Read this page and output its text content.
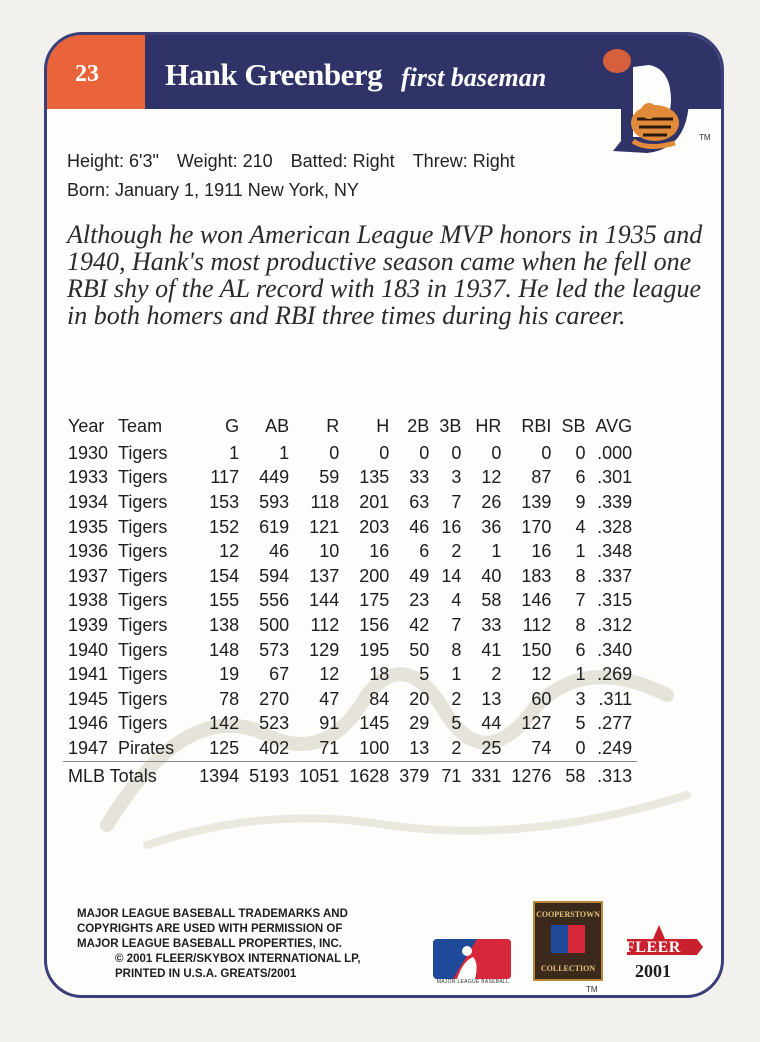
23 Hank Greenberg first baseman
TM
Height: 6'3" Weight: 210 Batted: Right Threw: Right
Born: January 1, 1911 New York, NY
Although he won American League MVP honors in 1935 and 1940, Hank's most productive season came when he fell one RBI shy of the AL record with 183 in 1937. He led the league in both homers and RBI three times during his career.
Year	Team	G	AB	R	H	2B	3B	HR	RBI	SB	AVG
1930	Tigers	1	1	0	0	0	0	0	0	0	.000
1933	Tigers	117	449	59	135	33	3	12	87	6	.301
1934	Tigers	153	593	118	201	63	7	26	139	9	.339
1935	Tigers	152	619	121	203	46	16	36	170	4	.328
1936	Tigers	12	46	10	16	6	2	1	16	1	.348
1937	Tigers	154	594	137	200	49	14	40	183	8	.337
1938	Tigers	155	556	144	175	23	4	58	146	7	.315
1939	Tigers	138	500	112	156	42	7	33	112	8	.312
1940	Tigers	148	573	129	195	50	8	41	150	6	.340
1941	Tigers	19	67	12	18	5	1	2	12	1	.269
1945	Tigers	78	270	47	84	20	2	13	60	3	.311
1946	Tigers	142	523	91	145	29	5	44	127	5	.277
1947	Pirates	125	402	71	100	13	2	25	74	0	.249
MLB Totals		1394	5193	1051	1628	379	71	331	1276	58	.313
MAJOR LEAGUE BASEBALL TRADEMARKS AND
COPYRIGHTS ARE USED WITH PERMISSION OF
MAJOR LEAGUE BASEBALL PROPERTIES, INC.
© 2001 FLEER/SKYBOX INTERNATIONAL LP,
PRINTED IN U.S.A. GREATS/2001
MAJOR LEAGUE BASEBALL
COOPERSTOWN
COLLECTION
TM
FLEER
2001
